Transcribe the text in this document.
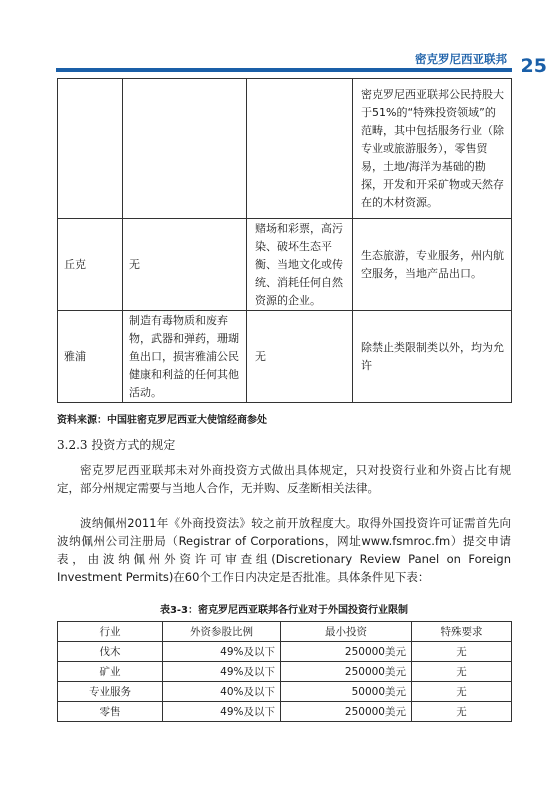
密克罗尼西亚联邦 25
			密克罗尼西亚联邦公民持股大于51%的“特殊投资领域”的范畴，其中包括服务行业（除专业或旅游服务），零售贸易，土地/海洋为基础的勘探，开发和开采矿物或天然存在的木材资源。
丘克	无	赌场和彩票，高污染、破坏生态平衡、当地文化或传统、消耗任何自然资源的企业。	生态旅游，专业服务，州内航空服务，当地产品出口。
雅浦	制造有毒物质和废弃物，武器和弹药，珊瑚鱼出口，损害雅浦公民健康和利益的任何其他活动。	无	除禁止类限制类以外，均为允许
资料来源：中国驻密克罗尼西亚大使馆经商参处
3.2.3 投资方式的规定
密克罗尼西亚联邦未对外商投资方式做出具体规定，只对投资行业和外资占比有规定，部分州规定需要与当地人合作，无并购、反垄断相关法律。
波纳佩州2011年《外商投资法》较之前开放程度大。取得外国投资许可证需首先向波纳佩州公司注册局（Registrar of Corporations，网址www.fsmroc.fm）提交申请表，由波纳佩州外资许可审查组(Discretionary Review Panel on Foreign Investment Permits)在60个工作日内决定是否批准。具体条件见下表：
表3-3：密克罗尼西亚联邦各行业对于外国投资行业限制
行业	外资参股比例	最小投资	特殊要求
伐木	49%及以下	250000美元	无
矿业	49%及以下	250000美元	无
专业服务	40%及以下	50000美元	无
零售	49%及以下	250000美元	无
